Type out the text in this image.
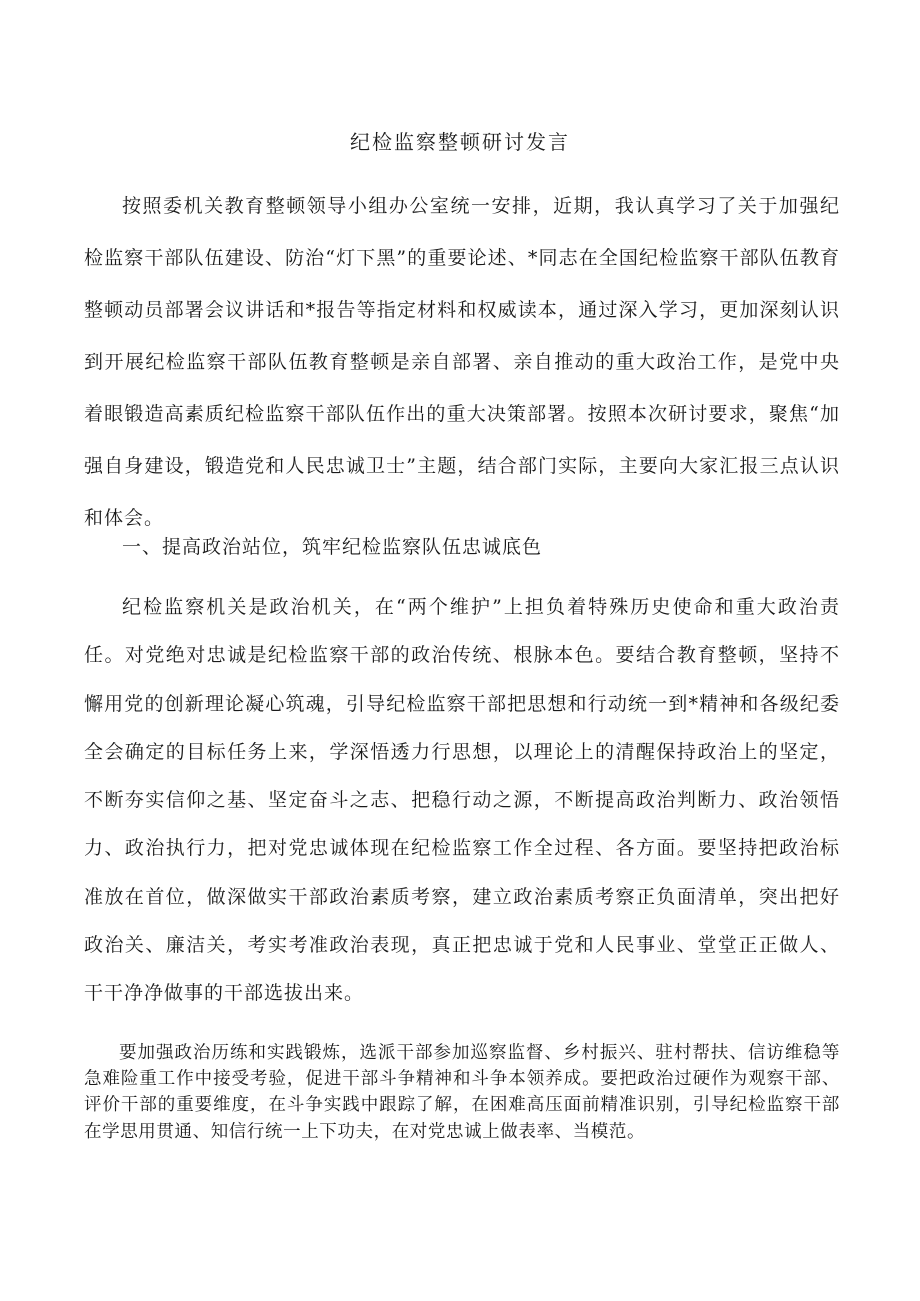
纪检监察整顿研讨发言

按照委机关教育整顿领导小组办公室统一安排，近期，我认真学习了关于加强纪检监察干部队伍建设、防治“灯下黑”的重要论述、*同志在全国纪检监察干部队伍教育整顿动员部署会议讲话和*报告等指定材料和权威读本，通过深入学习，更加深刻认识到开展纪检监察干部队伍教育整顿是亲自部署、亲自推动的重大政治工作，是党中央着眼锻造高素质纪检监察干部队伍作出的重大决策部署。按照本次研讨要求，聚焦“加强自身建设，锻造党和人民忠诚卫士”主题，结合部门实际，主要向大家汇报三点认识和体会。

一、提高政治站位，筑牢纪检监察队伍忠诚底色

纪检监察机关是政治机关，在“两个维护”上担负着特殊历史使命和重大政治责任。对党绝对忠诚是纪检监察干部的政治传统、根脉本色。要结合教育整顿，坚持不懈用党的创新理论凝心筑魂，引导纪检监察干部把思想和行动统一到*精神和各级纪委全会确定的目标任务上来，学深悟透力行思想，以理论上的清醒保持政治上的坚定，不断夯实信仰之基、坚定奋斗之志、把稳行动之源，不断提高政治判断力、政治领悟力、政治执行力，把对党忠诚体现在纪检监察工作全过程、各方面。要坚持把政治标准放在首位，做深做实干部政治素质考察，建立政治素质考察正负面清单，突出把好政治关、廉洁关，考实考准政治表现，真正把忠诚于党和人民事业、堂堂正正做人、干干净净做事的干部选拔出来。

要加强政治历练和实践锻炼，选派干部参加巡察监督、乡村振兴、驻村帮扶、信访维稳等急难险重工作中接受考验，促进干部斗争精神和斗争本领养成。要把政治过硬作为观察干部、评价干部的重要维度，在斗争实践中跟踪了解，在困难高压面前精准识别，引导纪检监察干部在学思用贯通、知信行统一上下功夫，在对党忠诚上做表率、当模范。
